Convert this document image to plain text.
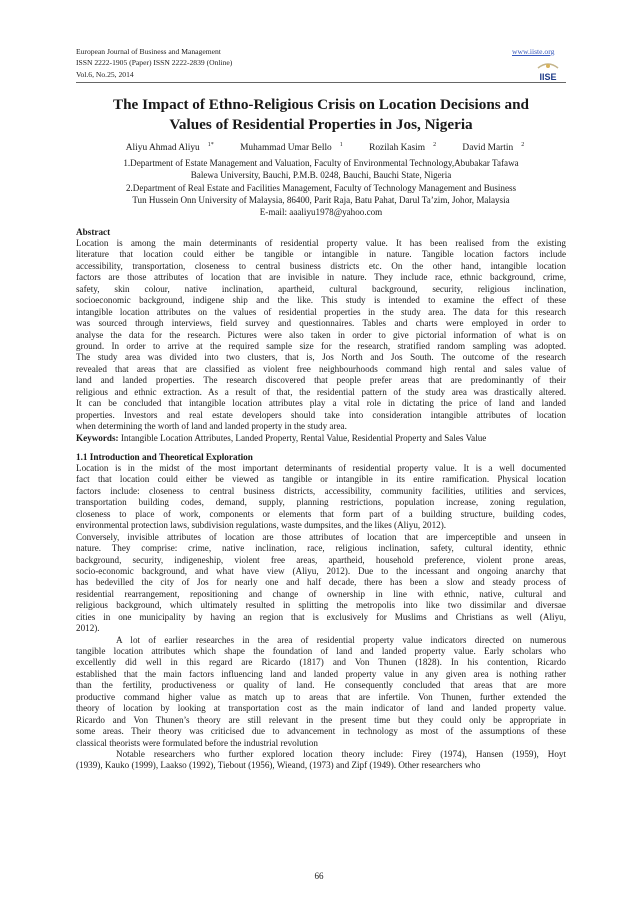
European Journal of Business and Management
ISSN 2222-1905 (Paper) ISSN 2222-2839 (Online)
Vol.6, No.25, 2014
www.iiste.org
IISE
The Impact of Ethno-Religious Crisis on Location Decisions and
Values of Residential Properties in Jos, Nigeria
Aliyu Ahmad Aliyu $^{1*}$	Muhammad Umar Bello $^1$	Rozilah Kasim $^2$	David Martin $^2$
1.Department of Estate Management and Valuation, Faculty of Environmental Technology,Abubakar Tafawa
Balewa University, Bauchi, P.M.B. 0248, Bauchi, Bauchi State, Nigeria
2.Department of Real Estate and Facilities Management, Faculty of Technology Management and Business
Tun Hussein Onn University of Malaysia, 86400, Parit Raja, Batu Pahat, Darul Ta’zim, Johor, Malaysia
E-mail: aaaliyu1978@yahoo.com
Abstract
Location is among the main determinants of residential property value. It has been realised from the existing
literature that location could either be tangible or intangible in nature. Tangible location factors include
accessibility, transportation, closeness to central business districts etc. On the other hand, intangible location
factors are those attributes of location that are invisible in nature. They include race, ethnic background, crime,
safety, skin colour, native inclination, apartheid, cultural background, security, religious inclination,
socioeconomic background, indigene ship and the like. This study is intended to examine the effect of these
intangible location attributes on the values of residential properties in the study area. The data for this research
was sourced through interviews, field survey and questionnaires. Tables and charts were employed in order to
analyse the data for the research. Pictures were also taken in order to give pictorial information of what is on
ground. In order to arrive at the required sample size for the research, stratified random sampling was adopted.
The study area was divided into two clusters, that is, Jos North and Jos South. The outcome of the research
revealed that areas that are classified as violent free neighbourhoods command high rental and sales value of
land and landed properties. The research discovered that people prefer areas that are predominantly of their
religious and ethnic extraction. As a result of that, the residential pattern of the study area was drastically altered.
It can be concluded that intangible location attributes play a vital role in dictating the price of land and landed
properties. Investors and real estate developers should take into consideration intangible attributes of location
when determining the worth of land and landed property in the study area.
Keywords: Intangible Location Attributes, Landed Property, Rental Value, Residential Property and Sales Value
1.1 Introduction and Theoretical Exploration
Location is in the midst of the most important determinants of residential property value. It is a well documented
fact that location could either be viewed as tangible or intangible in its entire ramification. Physical location
factors include: closeness to central business districts, accessibility, community facilities, utilities and services,
transportation building codes, demand, supply, planning restrictions, population increase, zoning regulation,
closeness to place of work, components or elements that form part of a building structure, building codes,
environmental protection laws, subdivision regulations, waste dumpsites, and the likes (Aliyu, 2012).
Conversely, invisible attributes of location are those attributes of location that are imperceptible and unseen in
nature. They comprise: crime, native inclination, race, religious inclination, safety, cultural identity, ethnic
background, security, indigeneship, violent free areas, apartheid, household preference, violent prone areas,
socio-economic background, and what have view (Aliyu, 2012). Due to the incessant and ongoing anarchy that
has bedevilled the city of Jos for nearly one and half decade, there has been a slow and steady process of
residential rearrangement, repositioning and change of ownership in line with ethnic, native, cultural and
religious background, which ultimately resulted in splitting the metropolis into like two dissimilar and diversae
cities in one municipality by having an region that is exclusively for Muslims and Christians as well (Aliyu,
2012).
A lot of earlier researches in the area of residential property value indicators directed on numerous
tangible location attributes which shape the foundation of land and landed property value. Early scholars who
excellently did well in this regard are Ricardo (1817) and Von Thunen (1828). In his contention, Ricardo
established that the main factors influencing land and landed property value in any given area is nothing rather
than the fertility, productiveness or quality of land. He consequently concluded that areas that are more
productive command higher value as match up to areas that are infertile. Von Thunen, further extended the
theory of location by looking at transportation cost as the main indicator of land and landed property value.
Ricardo and Von Thunen’s theory are still relevant in the present time but they could only be appropriate in
some areas. Their theory was criticised due to advancement in technology as most of the assumptions of these
classical theorists were formulated before the industrial revolution
Notable researchers who further explored location theory include: Firey (1974), Hansen (1959), Hoyt
(1939), Kauko (1999), Laakso (1992), Tiebout (1956), Wieand, (1973) and Zipf (1949). Other researchers who
66
